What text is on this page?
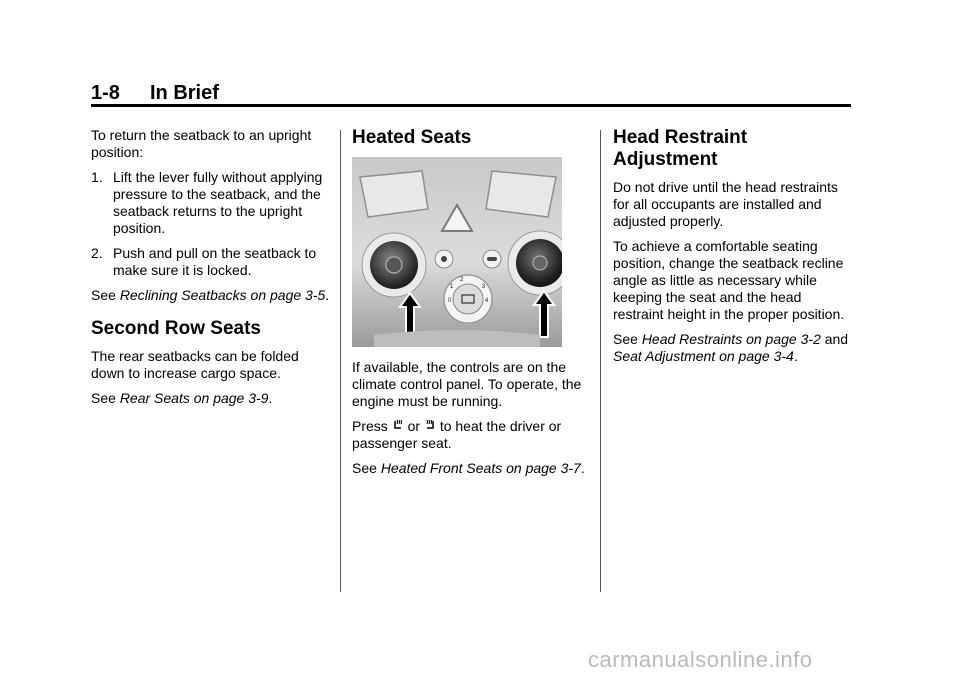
1-8 In Brief

To return the seatback to an upright position:

1. Lift the lever fully without applying pressure to the seatback, and the seatback returns to the upright position.
2. Push and pull on the seatback to make sure it is locked.

See Reclining Seatbacks on page 3-5.

Second Row Seats

The rear seatbacks can be folded down to increase cargo space.

See Rear Seats on page 3-9.

Heated Seats
2
1	3
4
0

If available, the controls are on the climate control panel. To operate, the engine must be running.

Press or to heat the driver or passenger seat.

See Heated Front Seats on page 3-7.

Head Restraint Adjustment

Do not drive until the head restraints for all occupants are installed and adjusted properly.

To achieve a comfortable seating position, change the seatback recline angle as little as necessary while keeping the seat and the head restraint height in the proper position.

See Head Restraints on page 3-2 and Seat Adjustment on page 3-4.

carmanualsonline.info
